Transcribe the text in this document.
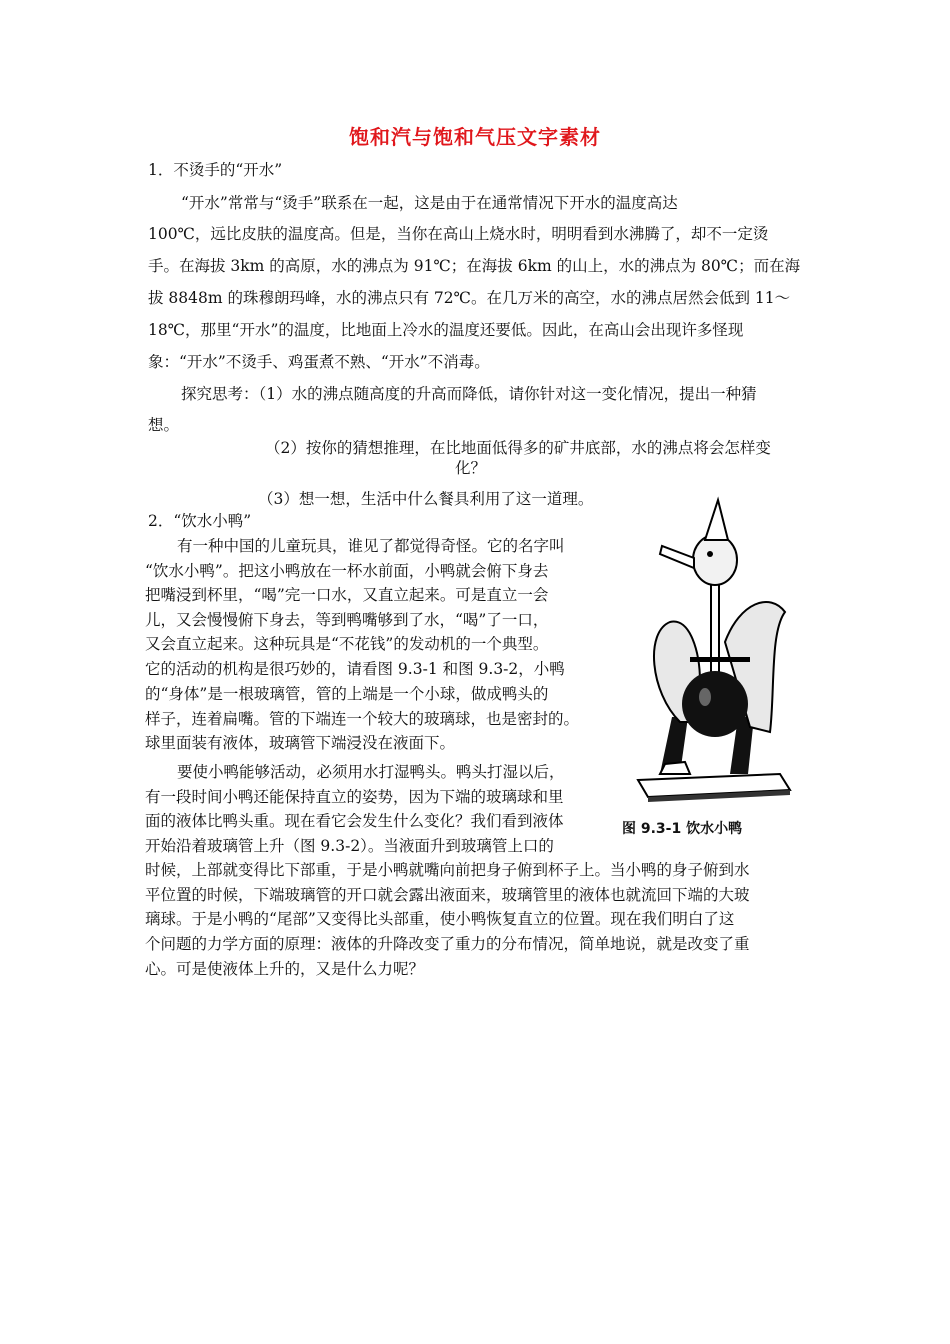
饱和汽与饱和气压文字素材
1．不烫手的“开水”
“开水”常常与“烫手”联系在一起，这是由于在通常情况下开水的温度高达
100℃，远比皮肤的温度高。但是，当你在高山上烧水时，明明看到水沸腾了，却不一定烫
手。在海拔 3km 的高原，水的沸点为 91℃；在海拔 6km 的山上，水的沸点为 80℃；而在海
拔 8848m 的珠穆朗玛峰，水的沸点只有 72℃。在几万米的高空，水的沸点居然会低到 11～
18℃，那里“开水”的温度，比地面上冷水的温度还要低。因此，在高山会出现许多怪现
象：“开水”不烫手、鸡蛋煮不熟、“开水”不消毒。
探究思考：（1）水的沸点随高度的升高而降低，请你针对这一变化情况，提出一种猜
想。
（2）按你的猜想推理，在比地面低得多的矿井底部，水的沸点将会怎样变
化？
（3）想一想，生活中什么餐具利用了这一道理。
2．“饮水小鸭”
有一种中国的儿童玩具，谁见了都觉得奇怪。它的名字叫
“饮水小鸭”。把这小鸭放在一杯水前面，小鸭就会俯下身去
把嘴浸到杯里，“喝”完一口水，又直立起来。可是直立一会
儿，又会慢慢俯下身去，等到鸭嘴够到了水，“喝”了一口，
又会直立起来。这种玩具是“不花钱”的发动机的一个典型。
它的活动的机构是很巧妙的，请看图 9.3-1 和图 9.3-2，小鸭
的“身体”是一根玻璃管，管的上端是一个小球，做成鸭头的
样子，连着扁嘴。管的下端连一个较大的玻璃球，也是密封的。
球里面装有液体，玻璃管下端浸没在液面下。
要使小鸭能够活动，必须用水打湿鸭头。鸭头打湿以后，
有一段时间小鸭还能保持直立的姿势，因为下端的玻璃球和里
面的液体比鸭头重。现在看它会发生什么变化？我们看到液体
开始沿着玻璃管上升（图 9.3-2）。当液面升到玻璃管上口的
时候，上部就变得比下部重，于是小鸭就嘴向前把身子俯到杯子上。当小鸭的身子俯到水
平位置的时候，下端玻璃管的开口就会露出液面来，玻璃管里的液体也就流回下端的大玻
璃球。于是小鸭的“尾部”又变得比头部重，使小鸭恢复直立的位置。现在我们明白了这
个问题的力学方面的原理：液体的升降改变了重力的分布情况，简单地说，就是改变了重
心。可是使液体上升的，又是什么力呢？
图 9.3-1 饮水小鸭
